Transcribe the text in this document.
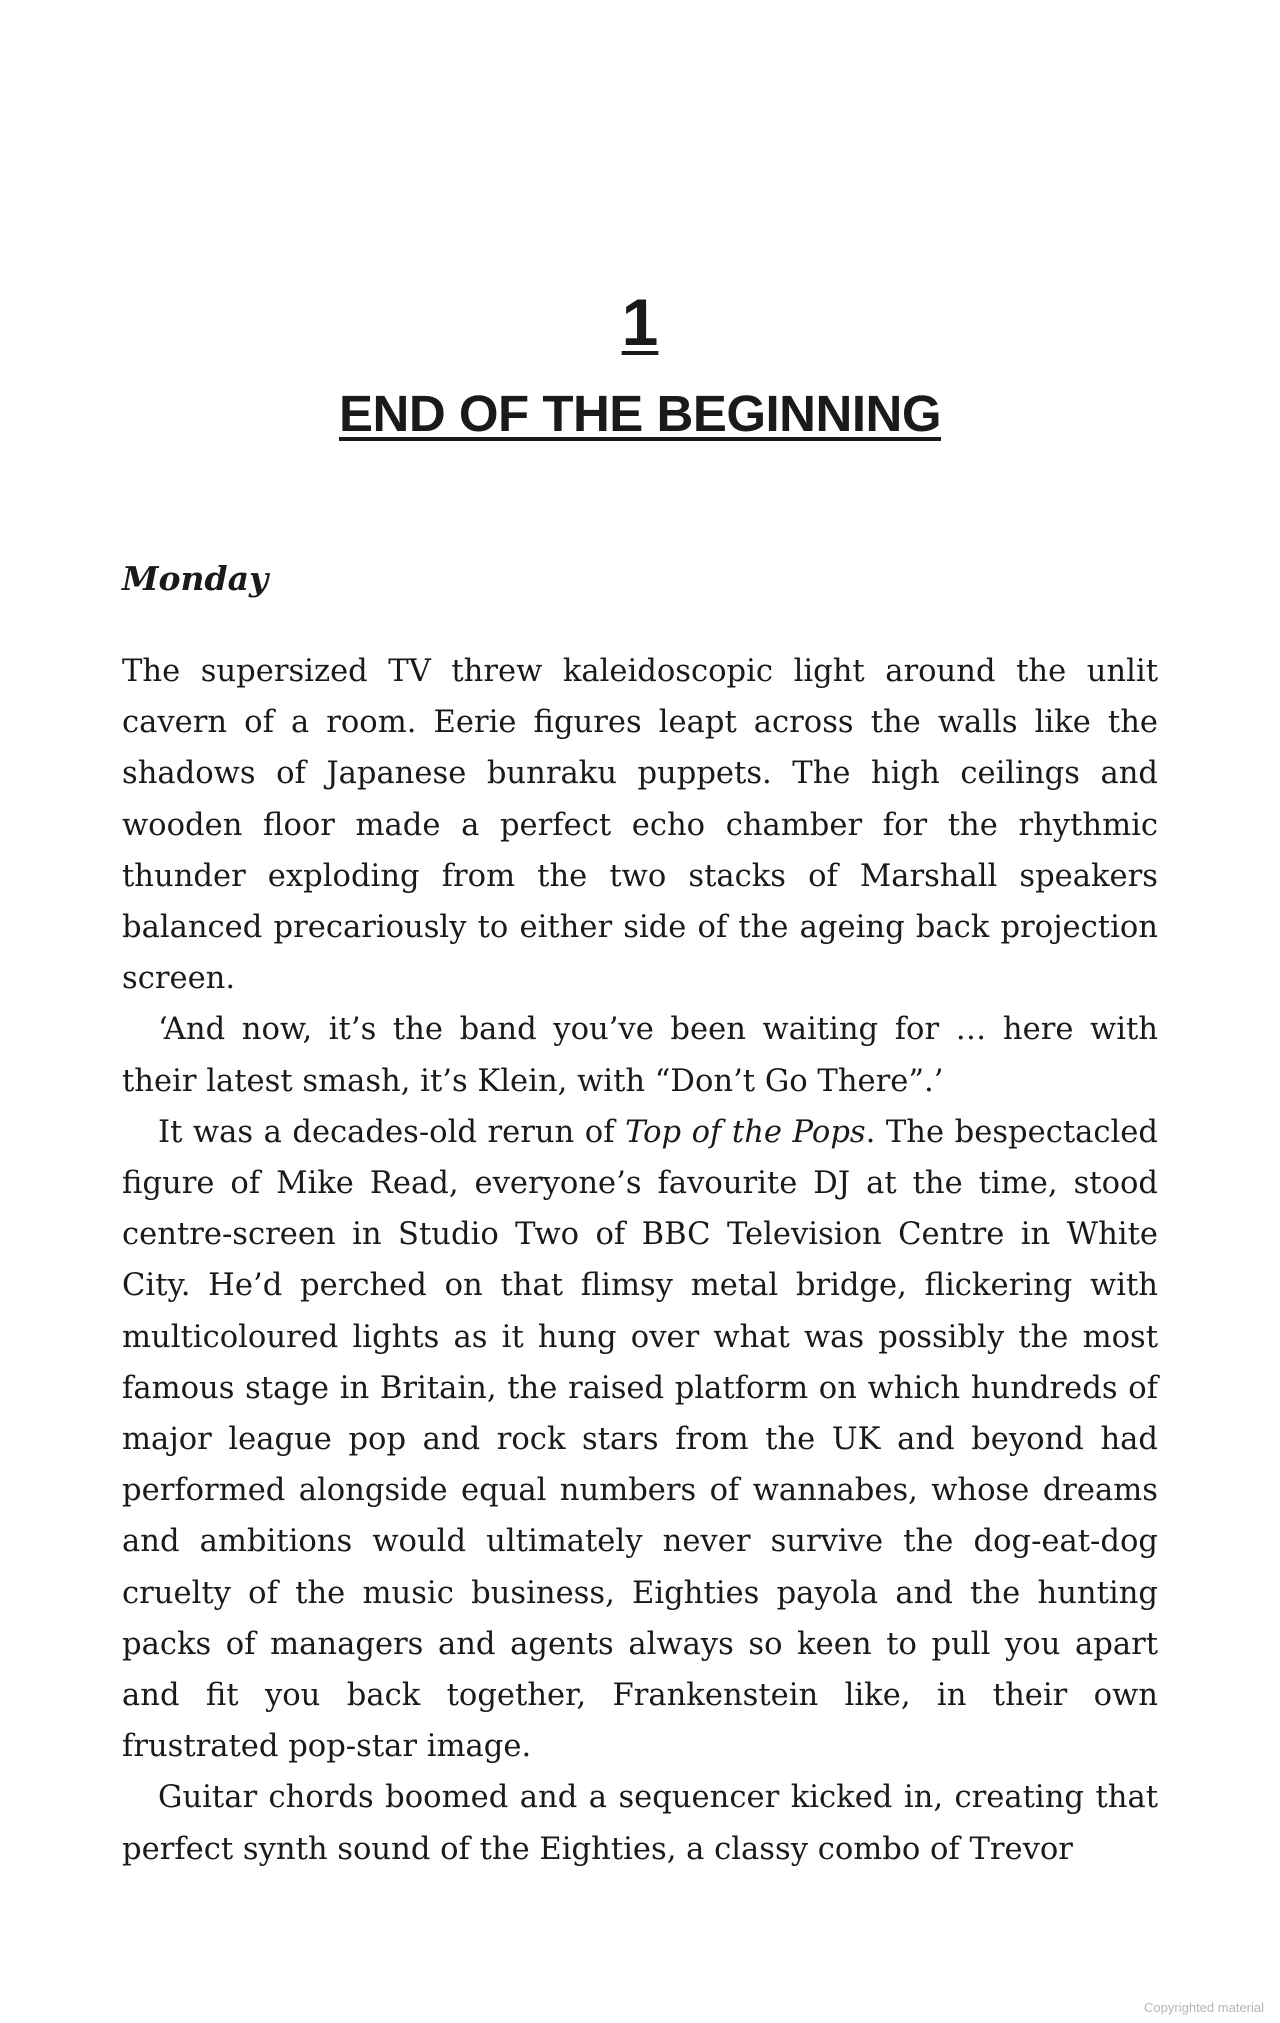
1
END OF THE BEGINNING
Monday

The supersized TV threw kaleidoscopic light around the unlit cavern of a room. Eerie figures leapt across the walls like the shadows of Japanese bunraku puppets. The high ceilings and wooden floor made a perfect echo chamber for the rhythmic thunder exploding from the two stacks of Marshall speakers balanced precariously to either side of the ageing back projection screen.

‘And now, it’s the band you’ve been waiting for … here with their latest smash, it’s Klein, with “Don’t Go There”.’

It was a decades-old rerun of Top of the Pops. The bespectacled figure of Mike Read, everyone’s favourite DJ at the time, stood centre-screen in Studio Two of BBC Television Centre in White City. He’d perched on that flimsy metal bridge, flickering with multicoloured lights as it hung over what was possibly the most famous stage in Britain, the raised platform on which hundreds of major league pop and rock stars from the UK and beyond had performed alongside equal numbers of wannabes, whose dreams and ambitions would ultimately never survive the dog-eat-dog cruelty of the music business, Eighties payola and the hunting packs of managers and agents always so keen to pull you apart and fit you back together, Frankenstein like, in their own frustrated pop-star image.

Guitar chords boomed and a sequencer kicked in, creating that perfect synth sound of the Eighties, a classy combo of Trevor

Copyrighted material
